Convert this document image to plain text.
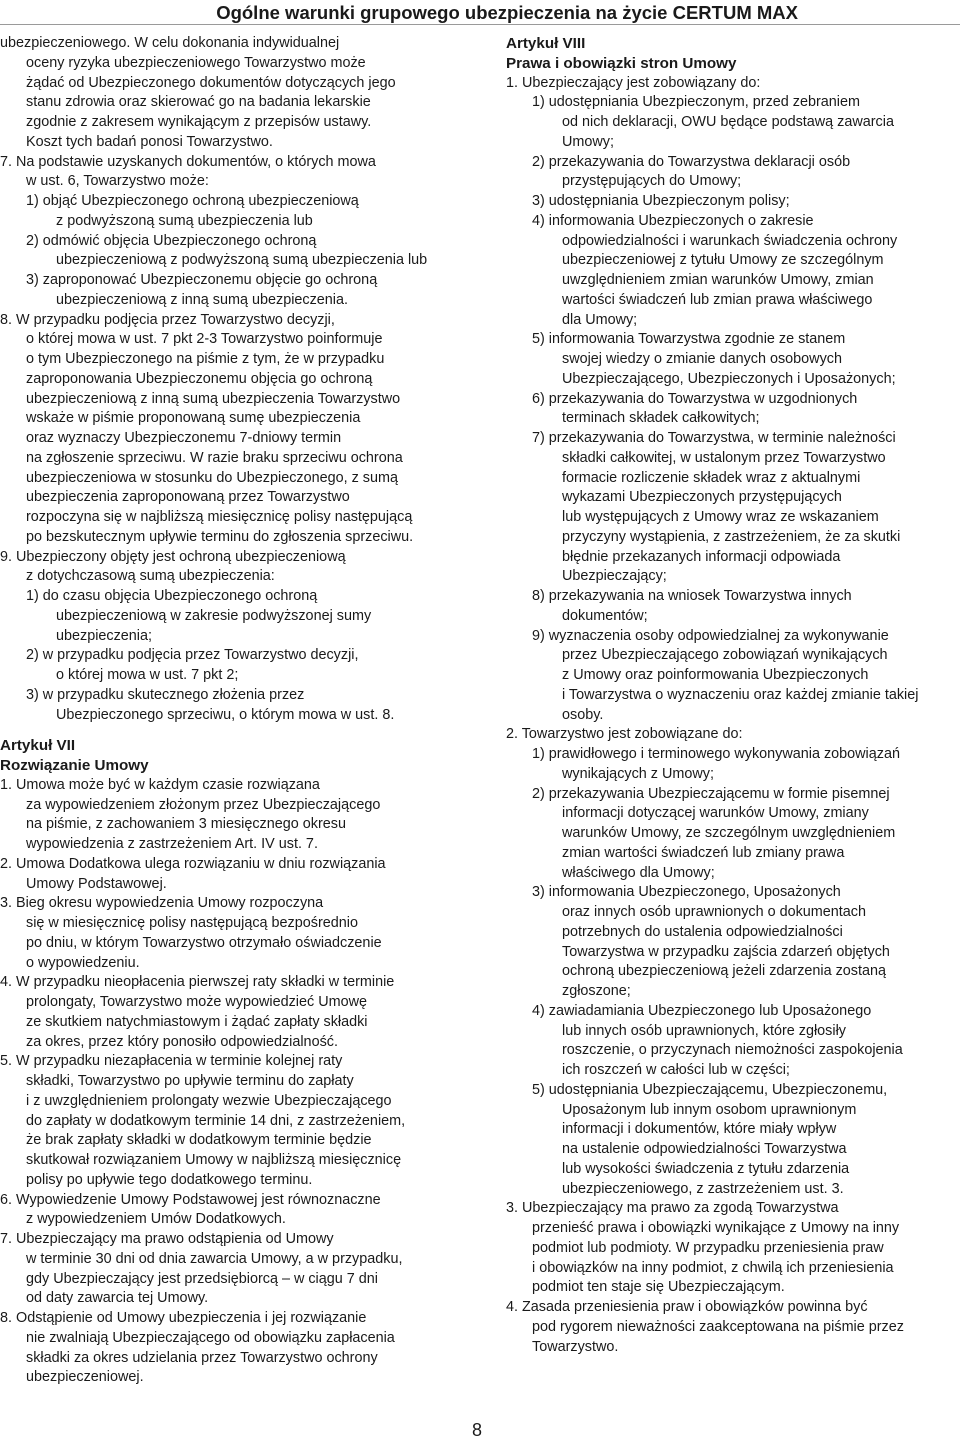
Ogólne warunki grupowego ubezpieczenia na życie CERTUM MAX
ubezpieczeniowego. W celu dokonania indywidualnej
oceny ryzyka ubezpieczeniowego Towarzystwo może
żądać od Ubezpieczonego dokumentów dotyczących jego
stanu zdrowia oraz skierować go na badania lekarskie
zgodnie z zakresem wynikającym z przepisów ustawy.
Koszt tych badań ponosi Towarzystwo.
7. Na podstawie uzyskanych dokumentów, o których mowa
w ust. 6, Towarzystwo może:
1) objąć Ubezpieczonego ochroną ubezpieczeniową
z podwyższoną sumą ubezpieczenia lub
2) odmówić objęcia Ubezpieczonego ochroną
ubezpieczeniową z podwyższoną sumą ubezpieczenia lub
3) zaproponować Ubezpieczonemu objęcie go ochroną
ubezpieczeniową z inną sumą ubezpieczenia.
8. W przypadku podjęcia przez Towarzystwo decyzji,
o której mowa w ust. 7 pkt 2-3 Towarzystwo poinformuje
o tym Ubezpieczonego na piśmie z tym, że w przypadku
zaproponowania Ubezpieczonemu objęcia go ochroną
ubezpieczeniową z inną sumą ubezpieczenia Towarzystwo
wskaże w piśmie proponowaną sumę ubezpieczenia
oraz wyznaczy Ubezpieczonemu 7-dniowy termin
na zgłoszenie sprzeciwu. W razie braku sprzeciwu ochrona
ubezpieczeniowa w stosunku do Ubezpieczonego, z sumą
ubezpieczenia zaproponowaną przez Towarzystwo
rozpoczyna się w najbliższą miesięcznicę polisy następującą
po bezskutecznym upływie terminu do zgłoszenia sprzeciwu.
9. Ubezpieczony objęty jest ochroną ubezpieczeniową
z dotychczasową sumą ubezpieczenia:
1) do czasu objęcia Ubezpieczonego ochroną
ubezpieczeniową w zakresie podwyższonej sumy
ubezpieczenia;
2) w przypadku podjęcia przez Towarzystwo decyzji,
o której mowa w ust. 7 pkt 2;
3) w przypadku skutecznego złożenia przez
Ubezpieczonego sprzeciwu, o którym mowa w ust. 8.
Artykuł VII
Rozwiązanie Umowy
1. Umowa może być w każdym czasie rozwiązana
za wypowiedzeniem złożonym przez Ubezpieczającego
na piśmie, z zachowaniem 3 miesięcznego okresu
wypowiedzenia z zastrzeżeniem Art. IV ust. 7.
2. Umowa Dodatkowa ulega rozwiązaniu w dniu rozwiązania
Umowy Podstawowej.
3. Bieg okresu wypowiedzenia Umowy rozpoczyna
się w miesięcznicę polisy następującą bezpośrednio
po dniu, w którym Towarzystwo otrzymało oświadczenie
o wypowiedzeniu.
4. W przypadku nieopłacenia pierwszej raty składki w terminie
prolongaty, Towarzystwo może wypowiedzieć Umowę
ze skutkiem natychmiastowym i żądać zapłaty składki
za okres, przez który ponosiło odpowiedzialność.
5. W przypadku niezapłacenia w terminie kolejnej raty
składki, Towarzystwo po upływie terminu do zapłaty
i z uwzględnieniem prolongaty wezwie Ubezpieczającego
do zapłaty w dodatkowym terminie 14 dni, z zastrzeżeniem,
że brak zapłaty składki w dodatkowym terminie będzie
skutkował rozwiązaniem Umowy w najbliższą miesięcznicę
polisy po upływie tego dodatkowego terminu.
6. Wypowiedzenie Umowy Podstawowej jest równoznaczne
z wypowiedzeniem Umów Dodatkowych.
7. Ubezpieczający ma prawo odstąpienia od Umowy
w terminie 30 dni od dnia zawarcia Umowy, a w przypadku,
gdy Ubezpieczający jest przedsiębiorcą – w ciągu 7 dni
od daty zawarcia tej Umowy.
8. Odstąpienie od Umowy ubezpieczenia i jej rozwiązanie
nie zwalniają Ubezpieczającego od obowiązku zapłacenia
składki za okres udzielania przez Towarzystwo ochrony
ubezpieczeniowej.
Artykuł VIII
Prawa i obowiązki stron Umowy
1. Ubezpieczający jest zobowiązany do:
1) udostępniania Ubezpieczonym, przed zebraniem
od nich deklaracji, OWU będące podstawą zawarcia
Umowy;
2) przekazywania do Towarzystwa deklaracji osób
przystępujących do Umowy;
3) udostępniania Ubezpieczonym polisy;
4) informowania Ubezpieczonych o zakresie
odpowiedzialności i warunkach świadczenia ochrony
ubezpieczeniowej z tytułu Umowy ze szczególnym
uwzględnieniem zmian warunków Umowy, zmian
wartości świadczeń lub zmian prawa właściwego
dla Umowy;
5) informowania Towarzystwa zgodnie ze stanem
swojej wiedzy o zmianie danych osobowych
Ubezpieczającego, Ubezpieczonych i Uposażonych;
6) przekazywania do Towarzystwa w uzgodnionych
terminach składek całkowitych;
7) przekazywania do Towarzystwa, w terminie należności
składki całkowitej, w ustalonym przez Towarzystwo
formacie rozliczenie składek wraz z aktualnymi
wykazami Ubezpieczonych przystępujących
lub występujących z Umowy wraz ze wskazaniem
przyczyny wystąpienia, z zastrzeżeniem, że za skutki
błędnie przekazanych informacji odpowiada
Ubezpieczający;
8) przekazywania na wniosek Towarzystwa innych
dokumentów;
9) wyznaczenia osoby odpowiedzialnej za wykonywanie
przez Ubezpieczającego zobowiązań wynikających
z Umowy oraz poinformowania Ubezpieczonych
i Towarzystwa o wyznaczeniu oraz każdej zmianie takiej
osoby.
2. Towarzystwo jest zobowiązane do:
1) prawidłowego i terminowego wykonywania zobowiązań
wynikających z Umowy;
2) przekazywania Ubezpieczającemu w formie pisemnej
informacji dotyczącej warunków Umowy, zmiany
warunków Umowy, ze szczególnym uwzględnieniem
zmian wartości świadczeń lub zmiany prawa
właściwego dla Umowy;
3) informowania Ubezpieczonego, Uposażonych
oraz innych osób uprawnionych o dokumentach
potrzebnych do ustalenia odpowiedzialności
Towarzystwa w przypadku zajścia zdarzeń objętych
ochroną ubezpieczeniową jeżeli zdarzenia zostaną
zgłoszone;
4) zawiadamiania Ubezpieczonego lub Uposażonego
lub innych osób uprawnionych, które zgłosiły
roszczenie, o przyczynach niemożności zaspokojenia
ich roszczeń w całości lub w części;
5) udostępniania Ubezpieczającemu, Ubezpieczonemu,
Uposażonym lub innym osobom uprawnionym
informacji i dokumentów, które miały wpływ
na ustalenie odpowiedzialności Towarzystwa
lub wysokości świadczenia z tytułu zdarzenia
ubezpieczeniowego, z zastrzeżeniem ust. 3.
3. Ubezpieczający ma prawo za zgodą Towarzystwa
przenieść prawa i obowiązki wynikające z Umowy na inny
podmiot lub podmioty. W przypadku przeniesienia praw
i obowiązków na inny podmiot, z chwilą ich przeniesienia
podmiot ten staje się Ubezpieczającym.
4. Zasada przeniesienia praw i obowiązków powinna być
pod rygorem nieważności zaakceptowana na piśmie przez
Towarzystwo.
8
